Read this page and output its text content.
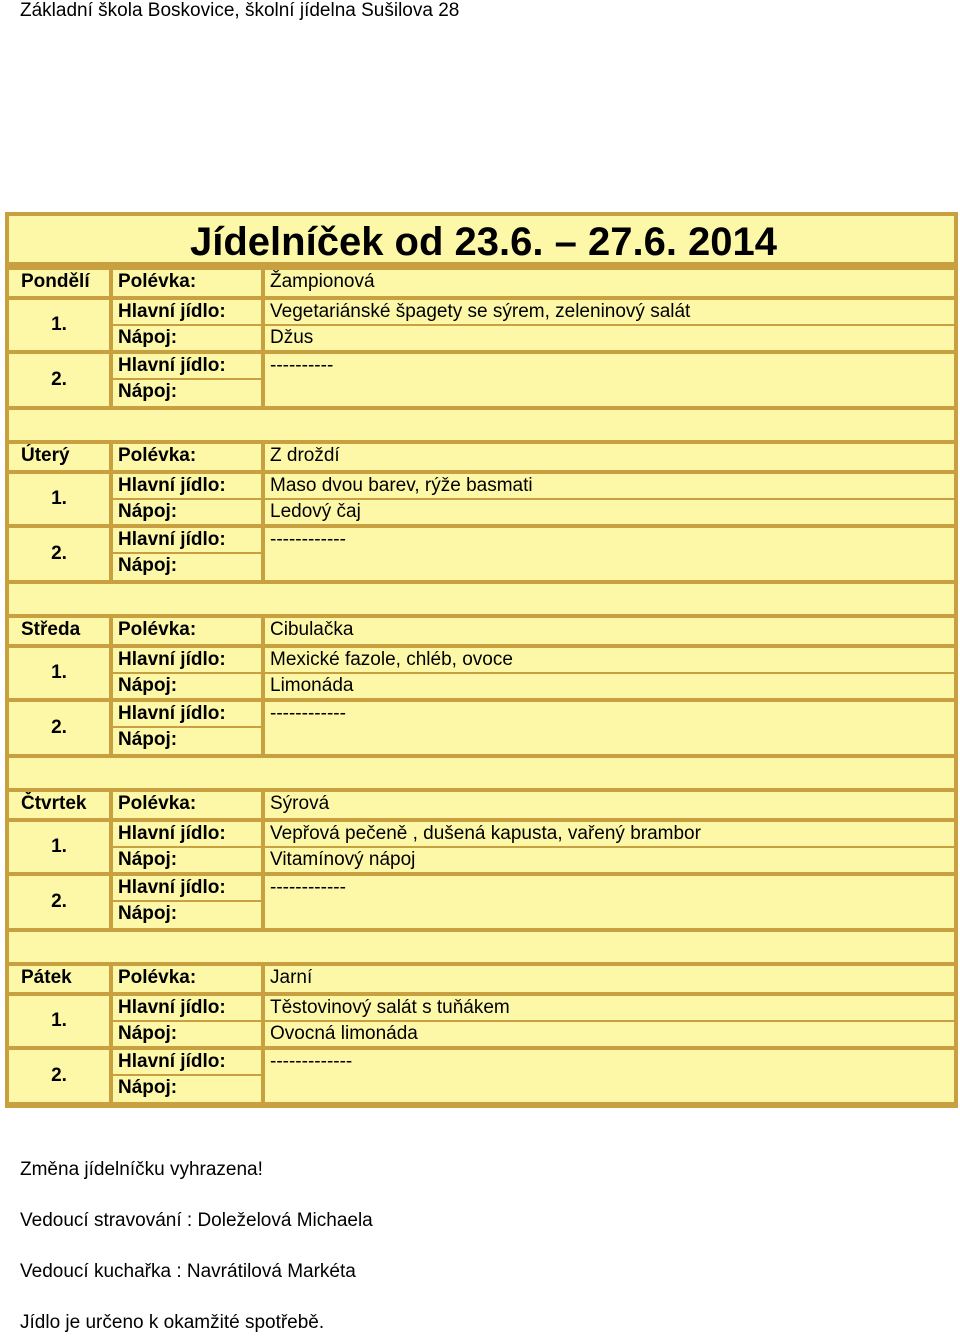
Základní škola Boskovice, školní jídelna Sušilova 28
Pondělí	Polévka:	Žampionová
1.
Hlavní jídlo:	Vegetariánské špagety se sýrem, zeleninový salát
Nápoj:	Džus
2.
Hlavní jídlo:	----------
Nápoj:
Úterý	Polévka:	Z droždí
1.
Hlavní jídlo:	Maso dvou barev, rýže basmati
Nápoj:	Ledový čaj
2.
Hlavní jídlo:	------------
Nápoj:
Středa	Polévka:	Cibulačka
1.
Hlavní jídlo:	Mexické fazole, chléb, ovoce
Nápoj:	Limonáda
2.
Hlavní jídlo:	------------
Nápoj:
Čtvrtek	Polévka:	Sýrová
1.
Hlavní jídlo:	Vepřová pečeně , dušená kapusta, vařený brambor
Nápoj:	Vitamínový nápoj
2.
Hlavní jídlo:	------------
Nápoj:
Pátek	Polévka:	Jarní
1.
Hlavní jídlo:	Těstovinový salát s tuňákem
Nápoj:	Ovocná limonáda
2.
Hlavní jídlo:	-------------
Nápoj:
Jídelníček od 23.6. – 27.6. 2014
Změna jídelníčku vyhrazena!
Vedoucí stravování : Doleželová Michaela
Vedoucí kuchařka : Navrátilová Markéta
Jídlo je určeno k okamžité spotřebě.
